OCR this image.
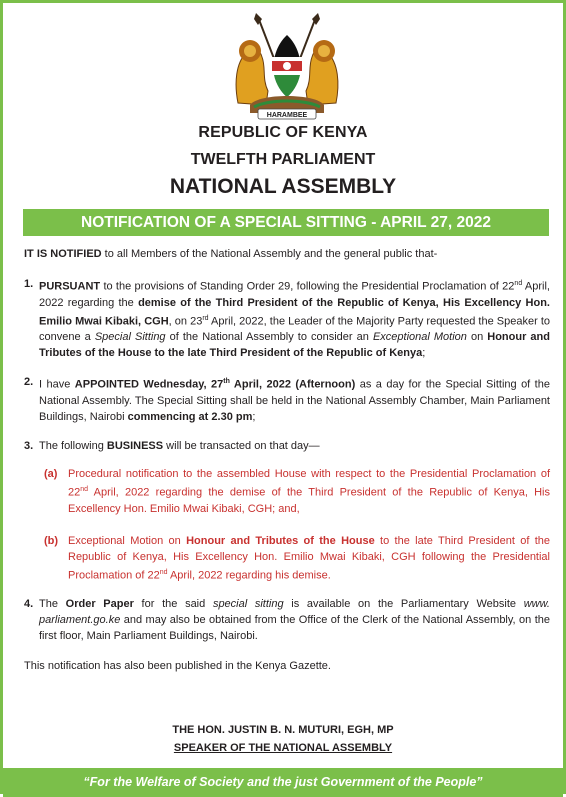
HARAMBEE
REPUBLIC OF KENYA
TWELFTH PARLIAMENT
NATIONAL ASSEMBLY
NOTIFICATION OF A SPECIAL SITTING - APRIL 27, 2022

IT IS NOTIFIED to all Members of the National Assembly and the general public that-

1. PURSUANT to the provisions of Standing Order 29, following the Presidential Proclamation of 22nd April, 2022 regarding the demise of the Third President of the Republic of Kenya, His Excellency Hon. Emilio Mwai Kibaki, CGH, on 23rd April, 2022, the Leader of the Majority Party requested the Speaker to convene a Special Sitting of the National Assembly to consider an Exceptional Motion on Honour and Tributes of the House to the late Third President of the Republic of Kenya;
2. I have APPOINTED Wednesday, 27th April, 2022 (Afternoon) as a day for the Special Sitting of the National Assembly. The Special Sitting shall be held in the National Assembly Chamber, Main Parliament Buildings, Nairobi commencing at 2.30 pm;
3. The following BUSINESS will be transacted on that day—
(a) Procedural notification to the assembled House with respect to the Presidential Proclamation of 22nd April, 2022 regarding the demise of the Third President of the Republic of Kenya, His Excellency Hon. Emilio Mwai Kibaki, CGH; and,
(b) Exceptional Motion on Honour and Tributes of the House to the late Third President of the Republic of Kenya, His Excellency Hon. Emilio Mwai Kibaki, CGH following the Presidential Proclamation of 22nd April, 2022 regarding his demise.
4. The Order Paper for the said special sitting is available on the Parliamentary Website www. parliament.go.ke and may also be obtained from the Office of the Clerk of the National Assembly, on the first floor, Main Parliament Buildings, Nairobi.

This notification has also been published in the Kenya Gazette.

THE HON. JUSTIN B. N. MUTURI, EGH, MP
SPEAKER OF THE NATIONAL ASSEMBLY
“For the Welfare of Society and the just Government of the People”
